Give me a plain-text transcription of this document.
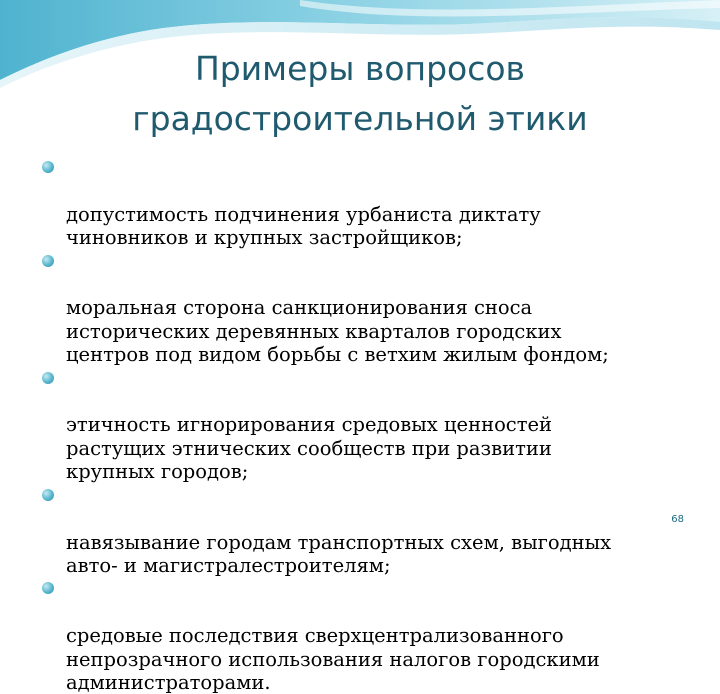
Примеры вопросов
градостроительной этики

допустимость подчинения урбаниста диктату
чиновников и крупных застройщиков;

моральная сторона санкционирования сноса
исторических деревянных кварталов городских
центров под видом борьбы с ветхим жилым фондом;

этичность игнорирования средовых ценностей
растущих этнических сообществ при развитии
крупных городов;

навязывание городам транспортных схем, выгодных
авто- и магистралестроителям;

средовые последствия сверхцентрализованного
непрозрачного использования налогов городскими
администраторами.

68
